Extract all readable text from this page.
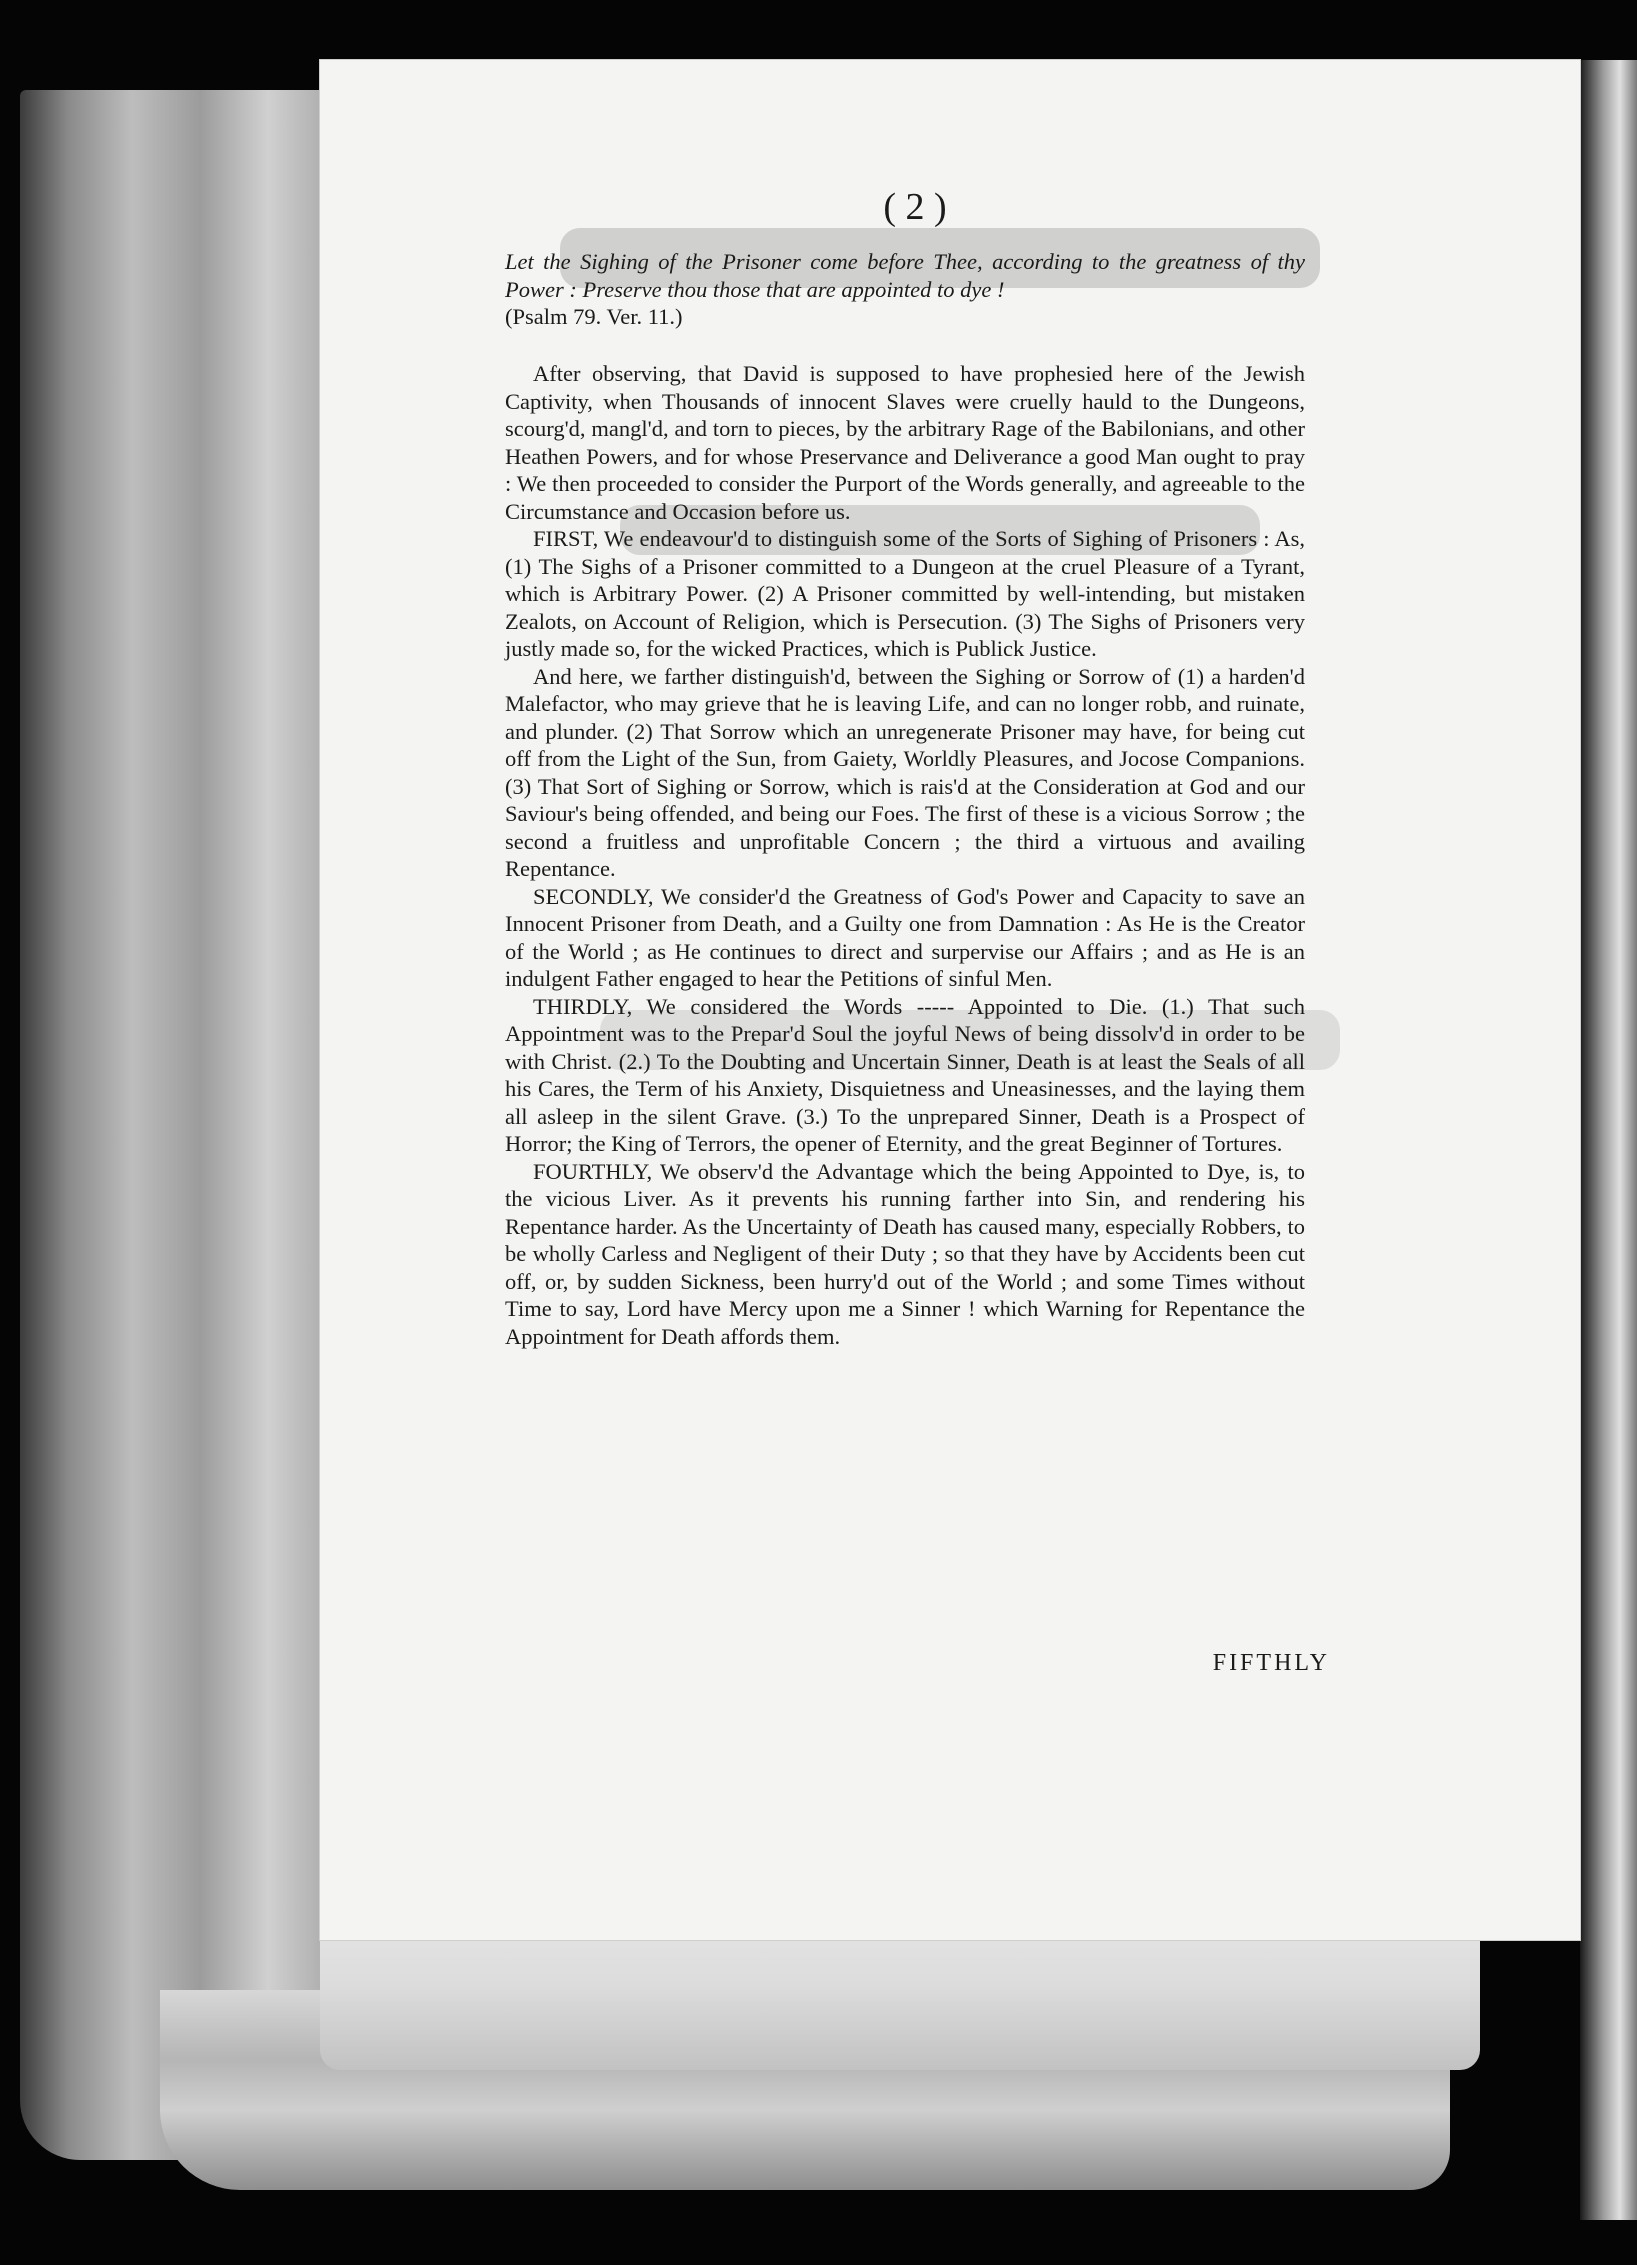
( 2 )
Let the Sighing of the Prisoner come before Thee, according to the greatness of thy Power : Preserve thou those that are appointed to dye !
(Psalm 79. Ver. 11.)

After observing, that David is supposed to have prophesied here of the Jewish Captivity, when Thousands of innocent Slaves were cruelly hauld to the Dungeons, scourg'd, mangl'd, and torn to pieces, by the arbitrary Rage of the Babilonians, and other Heathen Powers, and for whose Preservance and Deliverance a good Man ought to pray : We then proceeded to consider the Purport of the Words generally, and agreeable to the Circumstance and Occasion before us.

FIRST, We endeavour'd to distinguish some of the Sorts of Sighing of Prisoners : As, (1) The Sighs of a Prisoner committed to a Dungeon at the cruel Pleasure of a Tyrant, which is Arbitrary Power. (2) A Prisoner committed by well-intending, but mistaken Zealots, on Account of Religion, which is Persecution. (3) The Sighs of Prisoners very justly made so, for the wicked Practices, which is Publick Justice.

And here, we farther distinguish'd, between the Sighing or Sorrow of (1) a harden'd Malefactor, who may grieve that he is leaving Life, and can no longer robb, and ruinate, and plunder. (2) That Sorrow which an unregenerate Prisoner may have, for being cut off from the Light of the Sun, from Gaiety, Worldly Pleasures, and Jocose Companions. (3) That Sort of Sighing or Sorrow, which is rais'd at the Consideration at God and our Saviour's being offended, and being our Foes. The first of these is a vicious Sorrow ; the second a fruitless and unprofitable Concern ; the third a virtuous and availing Repentance.

SECONDLY, We consider'd the Greatness of God's Power and Capacity to save an Innocent Prisoner from Death, and a Guilty one from Damnation : As He is the Creator of the World ; as He continues to direct and surpervise our Affairs ; and as He is an indulgent Father engaged to hear the Petitions of sinful Men.

THIRDLY, We considered the Words ----- Appointed to Die. (1.) That such Appointment was to the Prepar'd Soul the joyful News of being dissolv'd in order to be with Christ. (2.) To the Doubting and Uncertain Sinner, Death is at least the Seals of all his Cares, the Term of his Anxiety, Disquietness and Uneasinesses, and the laying them all asleep in the silent Grave. (3.) To the unprepared Sinner, Death is a Prospect of Horror; the King of Terrors, the opener of Eternity, and the great Beginner of Tortures.

FOURTHLY, We observ'd the Advantage which the being Appointed to Dye, is, to the vicious Liver. As it prevents his running farther into Sin, and rendering his Repentance harder. As the Uncertainty of Death has caused many, especially Robbers, to be wholly Carless and Negligent of their Duty ; so that they have by Accidents been cut off, or, by sudden Sickness, been hurry'd out of the World ; and some Times without Time to say, Lord have Mercy upon me a Sinner ! which Warning for Repentance the Appointment for Death affords them.

FIFTHLY
